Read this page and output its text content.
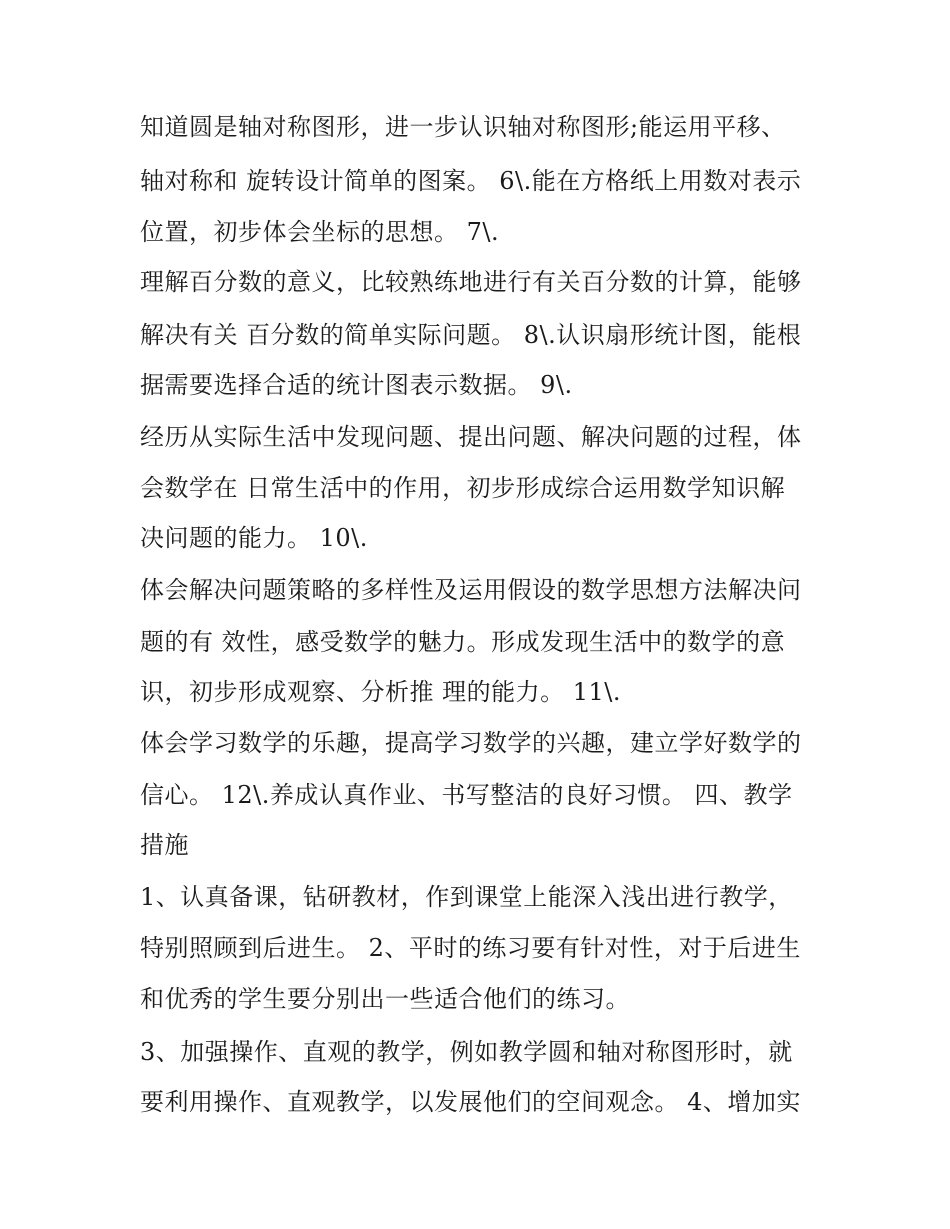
知道圆是轴对称图形，进一步认识轴对称图形;能运用平移、
轴对称和 旋转设计简单的图案。 6\.能在方格纸上用数对表示
位置，初步体会坐标的思想。 7\.
理解百分数的意义，比较熟练地进行有关百分数的计算，能够
解决有关 百分数的简单实际问题。 8\.认识扇形统计图，能根
据需要选择合适的统计图表示数据。 9\.
经历从实际生活中发现问题、提出问题、解决问题的过程，体
会数学在 日常生活中的作用，初步形成综合运用数学知识解
决问题的能力。 10\.
体会解决问题策略的多样性及运用假设的数学思想方法解决问
题的有 效性，感受数学的魅力。形成发现生活中的数学的意
识，初步形成观察、分析推 理的能力。 11\.
体会学习数学的乐趣，提高学习数学的兴趣，建立学好数学的
信心。 12\.养成认真作业、书写整洁的良好习惯。 四、教学
措施
1、认真备课，钻研教材，作到课堂上能深入浅出进行教学，
特别照顾到后进生。 2、平时的练习要有针对性，对于后进生
和优秀的学生要分别出一些适合他们的练习。
3、加强操作、直观的教学，例如教学圆和轴对称图形时，就
要利用操作、直观教学，以发展他们的空间观念。 4、增加实
